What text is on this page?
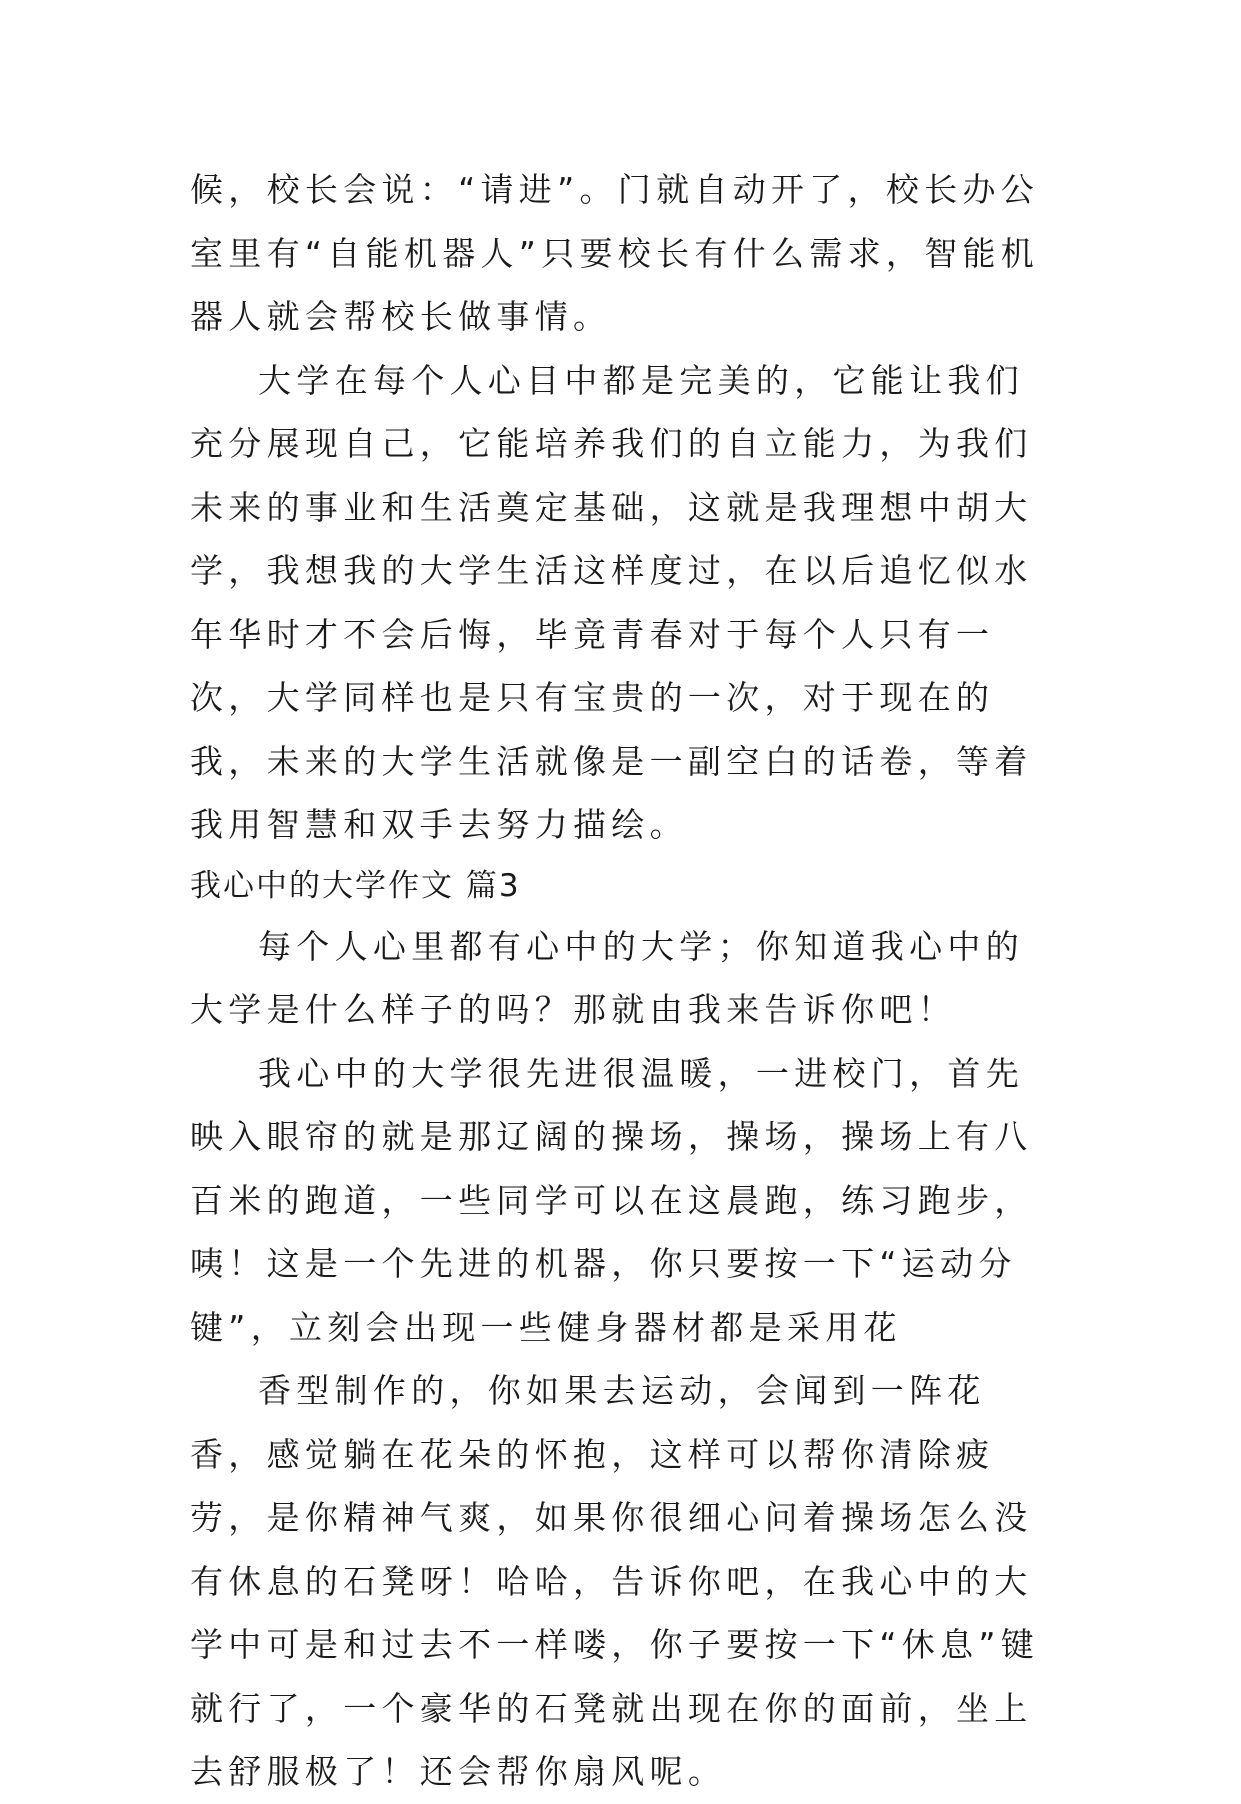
候，校长会说：“请进”。门就自动开了，校长办公室里有“自能机器人”只要校长有什么需求，智能机器人就会帮校长做事情。

大学在每个人心目中都是完美的，它能让我们充分展现自己，它能培养我们的自立能力，为我们未来的事业和生活奠定基础，这就是我理想中胡大学，我想我的大学生活这样度过，在以后追忆似水年华时才不会后悔，毕竟青春对于每个人只有一次，大学同样也是只有宝贵的一次，对于现在的我，未来的大学生活就像是一副空白的话卷，等着我用智慧和双手去努力描绘。

我心中的大学作文 篇3

每个人心里都有心中的大学；你知道我心中的大学是什么样子的吗？那就由我来告诉你吧！

我心中的大学很先进很温暖，一进校门，首先映入眼帘的就是那辽阔的操场，操场，操场上有八百米的跑道，一些同学可以在这晨跑，练习跑步，咦！这是一个先进的机器，你只要按一下“运动分键”，立刻会出现一些健身器材都是采用花

香型制作的，你如果去运动，会闻到一阵花香，感觉躺在花朵的怀抱，这样可以帮你清除疲劳，是你精神气爽，如果你很细心问着操场怎么没有休息的石凳呀！哈哈，告诉你吧，在我心中的大学中可是和过去不一样喽，你子要按一下“休息”键就行了，一个豪华的石凳就出现在你的面前，坐上去舒服极了！还会帮你扇风呢。
